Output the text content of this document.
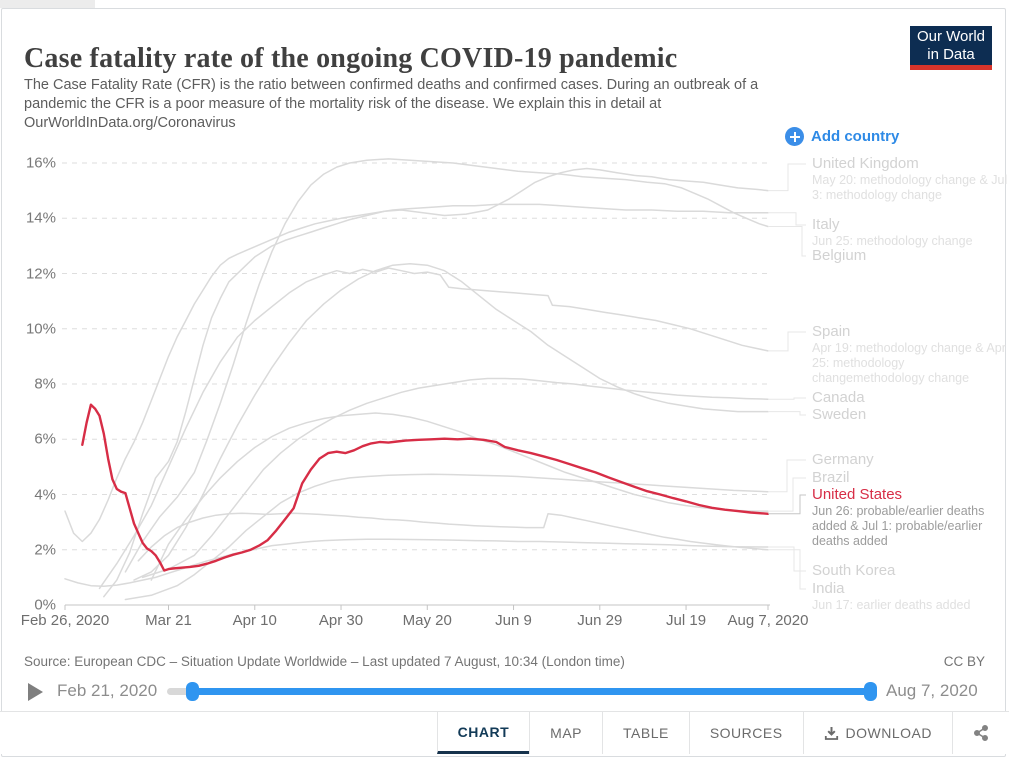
Case fatality rate of the ongoing COVID-19 pandemic

The Case Fatality Rate (CFR) is the ratio between confirmed deaths and confirmed cases. During an outbreak of a pandemic the CFR is a poor measure of the mortality risk of the disease. We explain this in detail at OurWorldInData.org/Coronavirus

Our World
in Data
0%
2%
4%
6%
8%
10%
12%
14%
16%
Feb 26, 2020	Mar 21	Apr 10	Apr 30	May 20	Jun 9	Jun 29	Jul 19	Aug 7, 2020
Add country
United Kingdom
May 20: methodology change & Jul 3: methodology change
Italy
Jun 25: methodology change
Belgium
Spain
Apr 19: methodology change & Apr 25: methodology changemethodology change
Canada
Sweden
Germany
Brazil
United States
Jun 26: probable/earlier deaths added & Jul 1: probable/earlier deaths added
South Korea
India
Jun 17: earlier deaths added
Source: European CDC – Situation Update Worldwide – Last updated 7 August, 10:34 (London time)	CC BY
Feb 21, 2020	Aug 7, 2020
CHART	MAP	TABLE	SOURCES	DOWNLOAD
